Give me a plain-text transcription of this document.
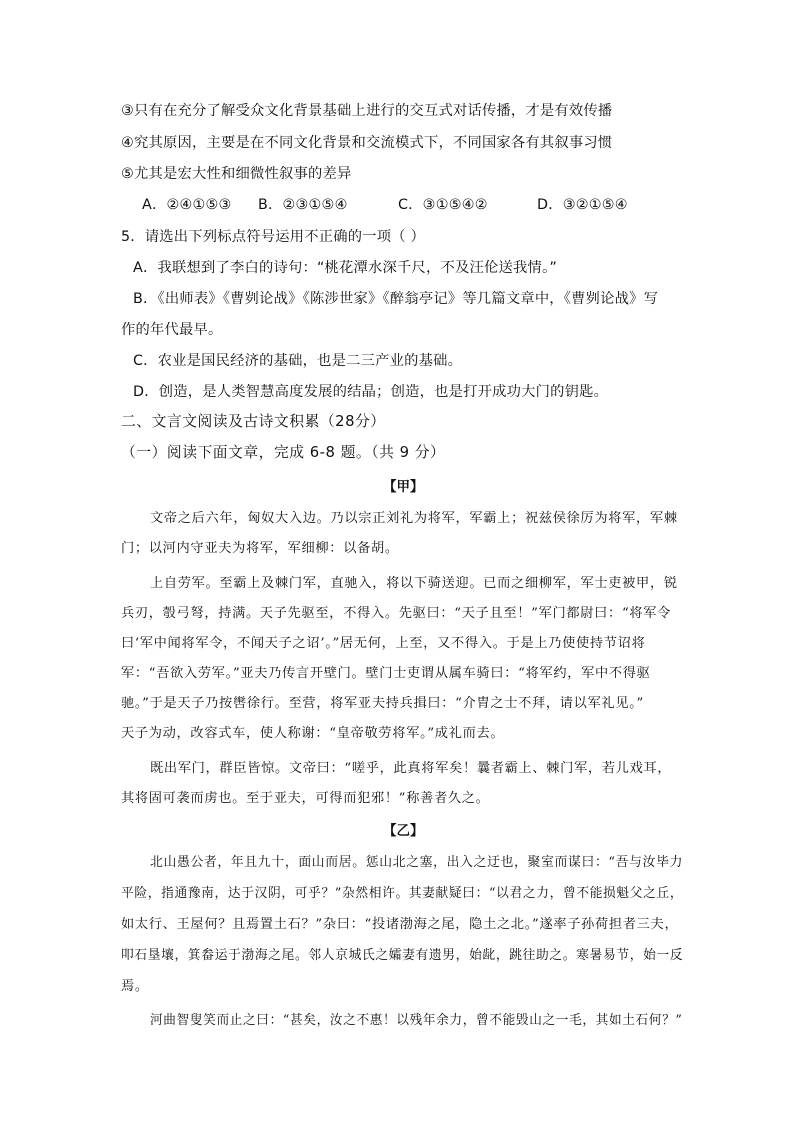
③只有在充分了解受众文化背景基础上进行的交互式对话传播，才是有效传播
④究其原因，主要是在不同文化背景和交流模式下，不同国家各有其叙事习惯
⑤尤其是宏大性和细微性叙事的差异
A．②④①⑤③ B．②③①⑤④	C．③①⑤④②	D．③②①⑤④
5．请选出下列标点符号运用不正确的一项（ ）
A．我联想到了李白的诗句：“桃花潭水深千尺，不及汪伦送我情。”
B．《出师表》《曹刿论战》《陈涉世家》《醉翁亭记》等几篇文章中，《曹刿论战》写
作的年代最早。
C．农业是国民经济的基础，也是二三产业的基础。
D．创造，是人类智慧高度发展的结晶；创造，也是打开成功大门的钥匙。
二、文言文阅读及古诗文积累（28分）
（一）阅读下面文章，完成 6-8 题。（共 9 分）
【甲】
文帝之后六年，匈奴大入边。乃以宗正刘礼为将军，军霸上；祝兹侯徐厉为将军，军棘
门；以河内守亚夫为将军，军细柳：以备胡。
上自劳军。至霸上及棘门军，直驰入，将以下骑送迎。已而之细柳军，军士吏被甲，锐
兵刃，彀弓弩，持满。天子先驱至，不得入。先驱曰：“天子且至！”军门都尉曰：“将军令
曰‘军中闻将军令，不闻天子之诏’。”居无何，上至，又不得入。于是上乃使使持节诏将
军：“吾欲入劳军。”亚夫乃传言开壁门。壁门士吏谓从属车骑曰：“将军约，军中不得驱
驰。”于是天子乃按辔徐行。至营，将军亚夫持兵揖曰：“介胄之士不拜，请以军礼见。”
天子为动，改容式车，使人称谢：“皇帝敬劳将军。”成礼而去。
既出军门，群臣皆惊。文帝曰：“嗟乎，此真将军矣！曩者霸上、棘门军，若儿戏耳，
其将固可袭而虏也。至于亚夫，可得而犯邪！”称善者久之。
【乙】
北山愚公者，年且九十，面山而居。惩山北之塞，出入之迂也，聚室而谋曰：“吾与汝毕力
平险，指通豫南，达于汉阴，可乎？”杂然相许。其妻献疑曰：“以君之力，曾不能损魁父之丘，
如太行、王屋何？且焉置土石？”杂曰：“投诸渤海之尾，隐土之北。”遂率子孙荷担者三夫，
叩石垦壤，箕畚运于渤海之尾。邻人京城氏之孀妻有遗男，始龀，跳往助之。寒暑易节，始一反
焉。
河曲智叟笑而止之曰：“甚矣，汝之不惠！以残年余力，曾不能毁山之一毛，其如土石何？”
